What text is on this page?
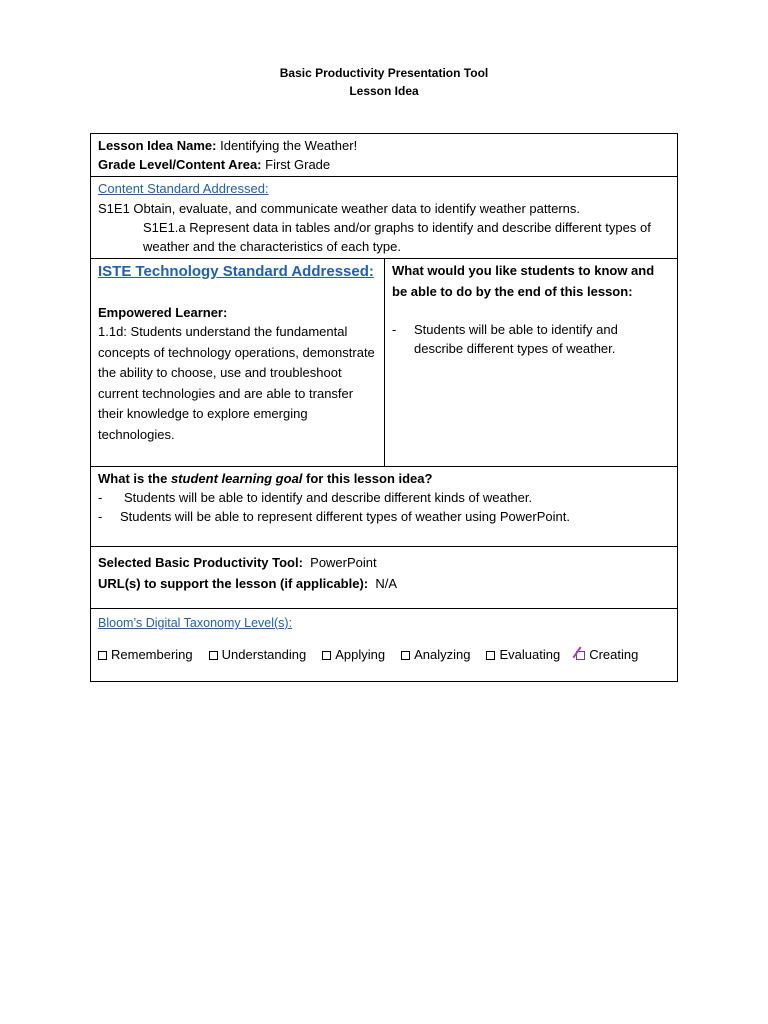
Basic Productivity Presentation Tool
Lesson Idea
Lesson Idea Name: Identifying the Weather!
Grade Level/Content Area: First Grade
Content Standard Addressed:
S1E1 Obtain, evaluate, and communicate weather data to identify weather patterns.
S1E1.a Represent data in tables and/or graphs to identify and describe different types of weather and the characteristics of each type.
ISTE Technology Standard Addressed:
Empowered Learner:
1.1d: Students understand the fundamental concepts of technology operations, demonstrate the ability to choose, use and troubleshoot current technologies and are able to transfer their knowledge to explore emerging technologies.
What would you like students to know and be able to do by the end of this lesson:
-	Students will be able to identify and describe different types of weather.
What is the student learning goal for this lesson idea?
-	Students will be able to identify and describe different kinds of weather.
-	Students will be able to represent different types of weather using PowerPoint.
Selected Basic Productivity Tool:  PowerPoint
URL(s) to support the lesson (if applicable):  N/A
Bloom’s Digital Taxonomy Level(s):
Remembering Understanding Applying Analyzing Evaluating Creating
